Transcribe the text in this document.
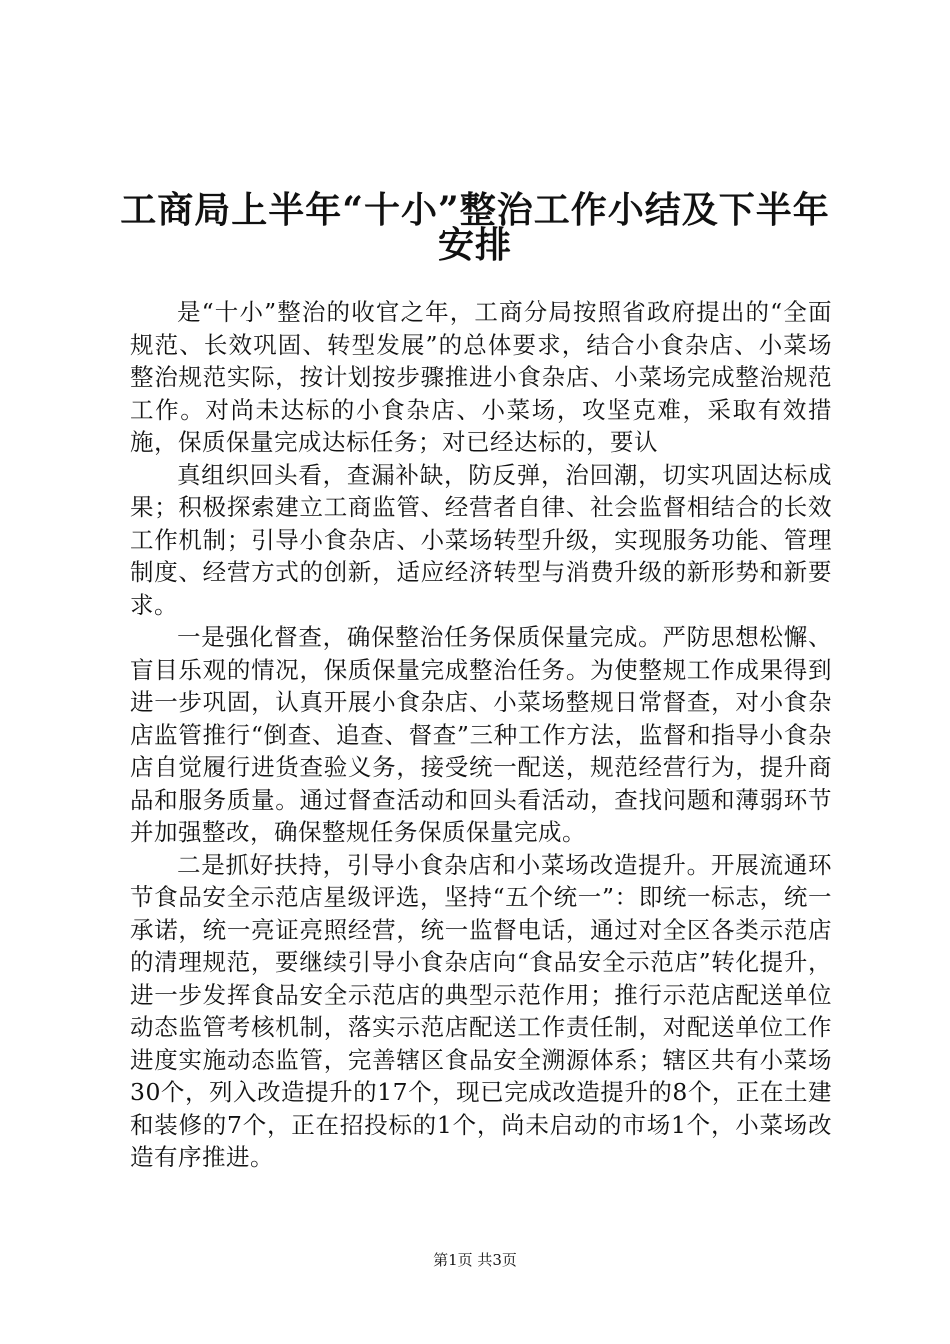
工商局上半年“十小”整治工作小结及下半年
安排

是“十小”整治的收官之年，工商分局按照省政府提出的“全面规范、长效巩固、转型发展”的总体要求，结合小食杂店、小菜场整治规范实际，按计划按步骤推进小食杂店、小菜场完成整治规范工作。对尚未达标的小食杂店、小菜场，攻坚克难，采取有效措施，保质保量完成达标任务；对已经达标的，要认

真组织回头看，查漏补缺，防反弹，治回潮，切实巩固达标成果；积极探索建立工商监管、经营者自律、社会监督相结合的长效工作机制；引导小食杂店、小菜场转型升级，实现服务功能、管理制度、经营方式的创新，适应经济转型与消费升级的新形势和新要求。

一是强化督查，确保整治任务保质保量完成。严防思想松懈、盲目乐观的情况，保质保量完成整治任务。为使整规工作成果得到进一步巩固，认真开展小食杂店、小菜场整规日常督查，对小食杂店监管推行“倒查、追查、督查”三种工作方法，监督和指导小食杂店自觉履行进货查验义务，接受统一配送，规范经营行为，提升商品和服务质量。通过督查活动和回头看活动，查找问题和薄弱环节并加强整改，确保整规任务保质保量完成。

二是抓好扶持，引导小食杂店和小菜场改造提升。开展流通环节食品安全示范店星级评选，坚持“五个统一”：即统一标志，统一承诺，统一亮证亮照经营，统一监督电话，通过对全区各类示范店的清理规范，要继续引导小食杂店向“食品安全示范店”转化提升，进一步发挥食品安全示范店的典型示范作用；推行示范店配送单位动态监管考核机制，落实示范店配送工作责任制，对配送单位工作进度实施动态监管，完善辖区食品安全溯源体系；辖区共有小菜场30个，列入改造提升的17个，现已完成改造提升的8个，正在土建和装修的7个，正在招投标的1个，尚未启动的市场1个，小菜场改造有序推进。

第1页 共3页
